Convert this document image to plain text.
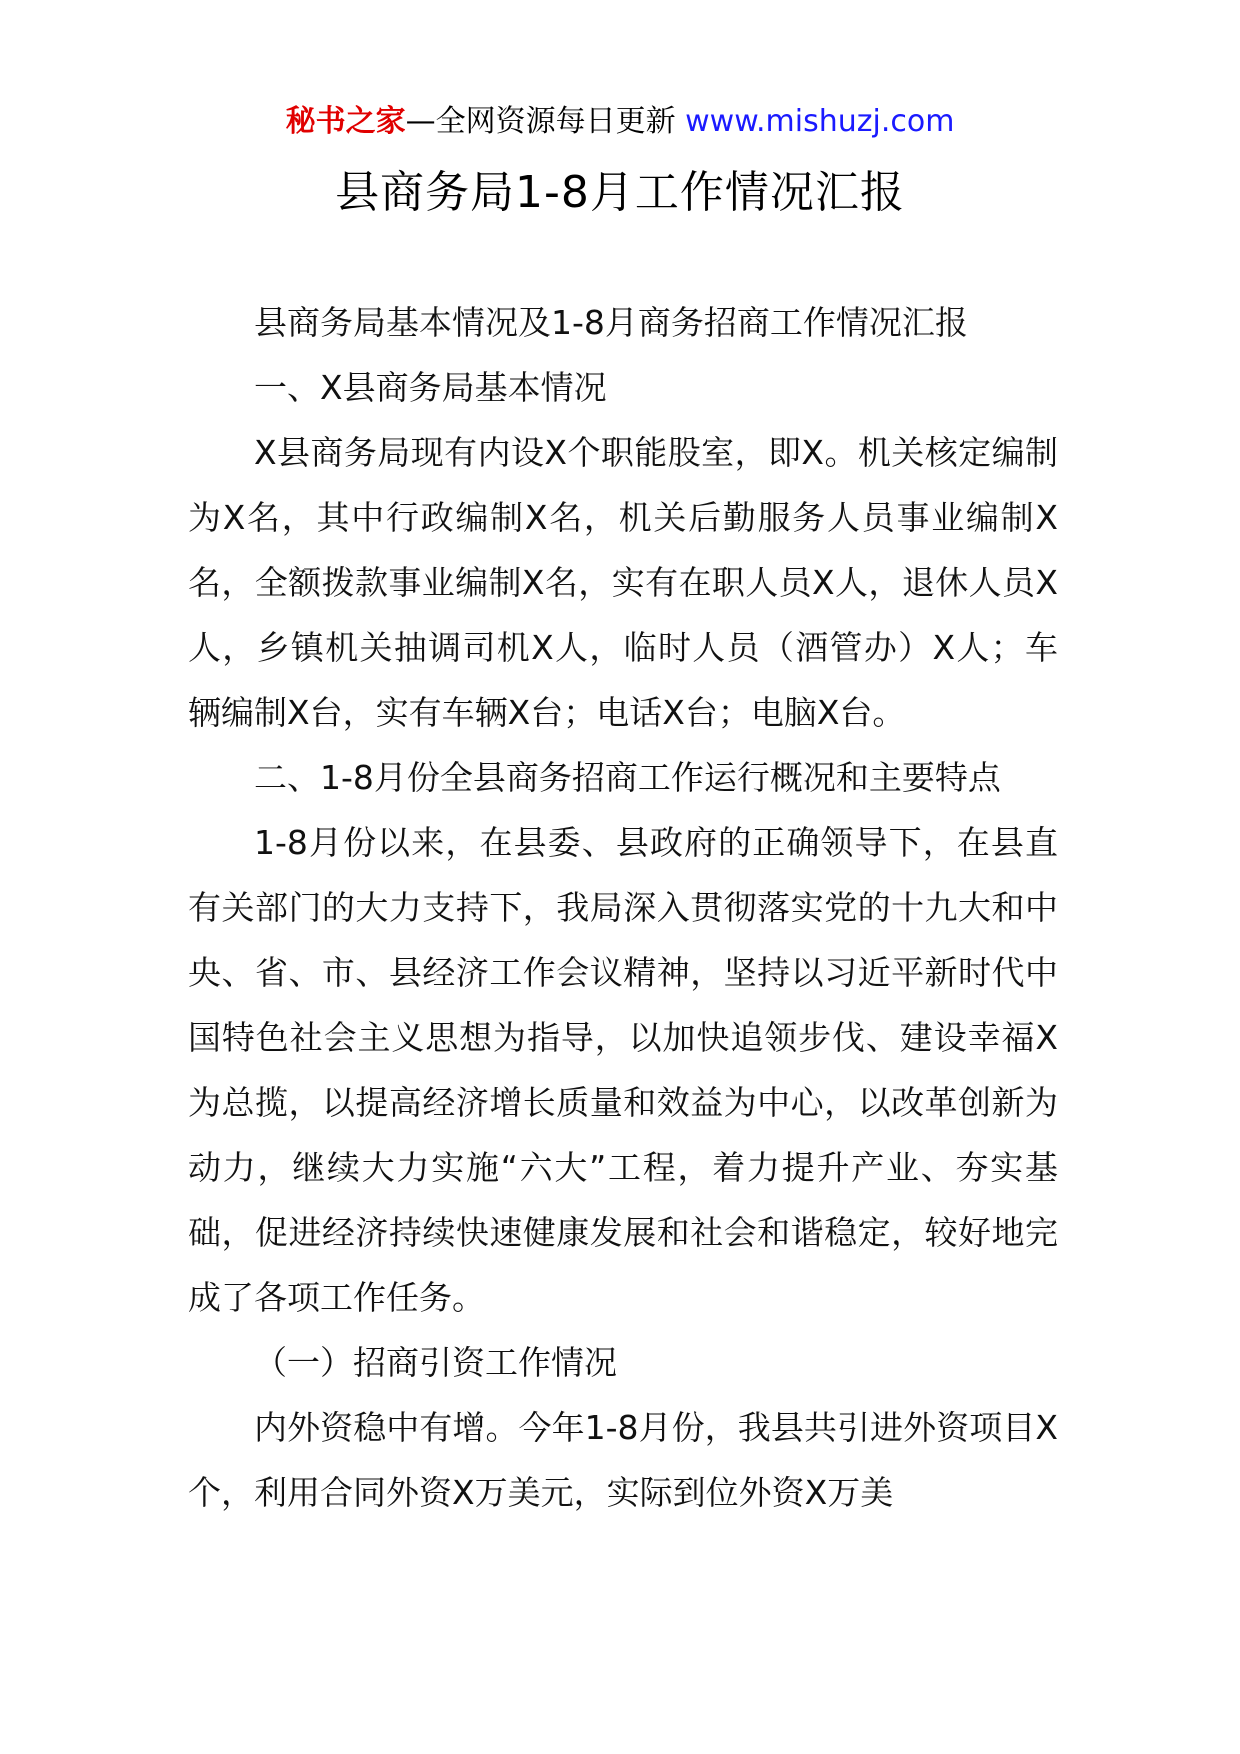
秘书之家—全网资源每日更新 www.mishuzj.com
县商务局1-8月工作情况汇报

县商务局基本情况及1-8月商务招商工作情况汇报

一、X县商务局基本情况

X县商务局现有内设X个职能股室，即X。机关核定编制为X名，其中行政编制X名，机关后勤服务人员事业编制X名，全额拨款事业编制X名，实有在职人员X人，退休人员X人，乡镇机关抽调司机X人，临时人员（酒管办）X人；车辆编制X台，实有车辆X台；电话X台；电脑X台。

二、1-8月份全县商务招商工作运行概况和主要特点

1-8月份以来，在县委、县政府的正确领导下，在县直有关部门的大力支持下，我局深入贯彻落实党的十九大和中央、省、市、县经济工作会议精神，坚持以习近平新时代中国特色社会主义思想为指导，以加快追领步伐、建设幸福X为总揽，以提高经济增长质量和效益为中心，以改革创新为动力，继续大力实施“六大”工程，着力提升产业、夯实基础，促进经济持续快速健康发展和社会和谐稳定，较好地完成了各项工作任务。

（一）招商引资工作情况

内外资稳中有增。今年1-8月份，我县共引进外资项目X个，利用合同外资X万美元，实际到位外资X万美
